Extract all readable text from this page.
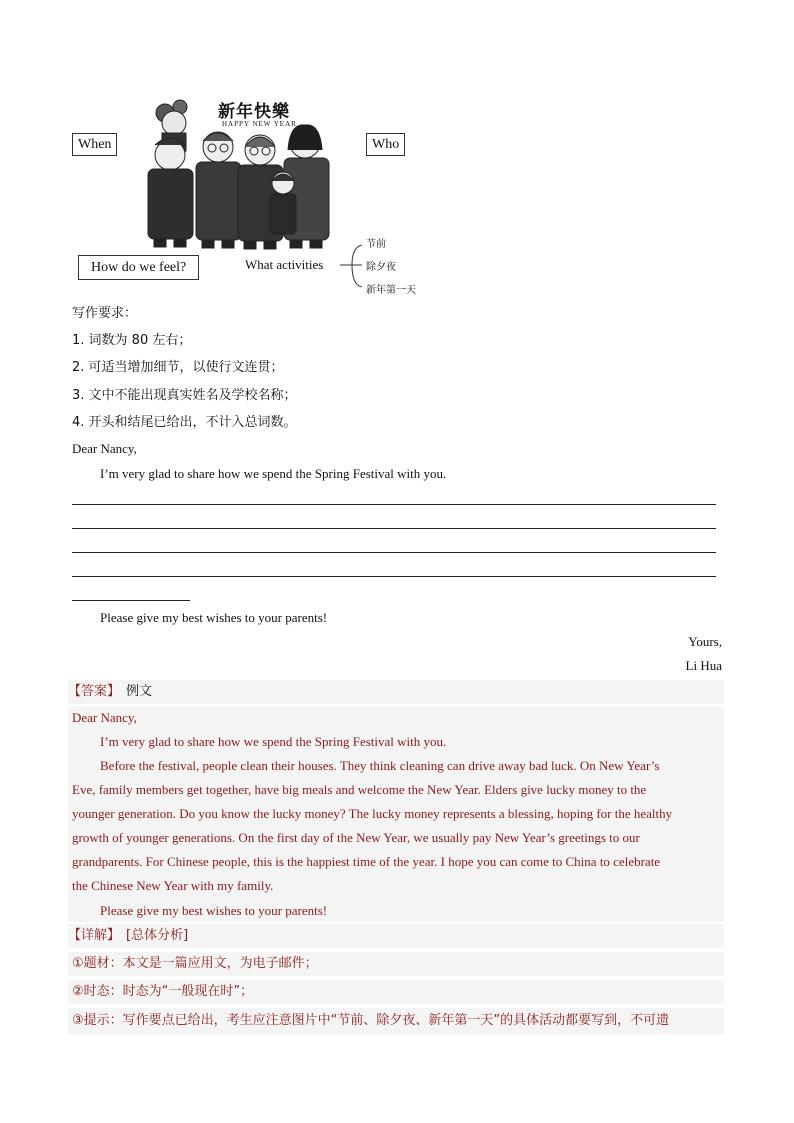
新年快樂
HAPPY NEW YEAR
When	Who
How do we feel?	What activities
节前
除夕夜
新年第一天
写作要求：
1. 词数为 80 左右；
2. 可适当增加细节，以使行文连贯；
3. 文中不能出现真实姓名及学校名称；
4. 开头和结尾已给出，不计入总词数。
Dear Nancy,
I’m very glad to share how we spend the Spring Festival with you.
Please give my best wishes to your parents!
Yours,
Li Hua
【答案】 例文
Dear Nancy,
I’m very glad to share how we spend the Spring Festival with you.
Before the festival, people clean their houses. They think cleaning can drive away bad luck. On New Year’s
Eve, family members get together, have big meals and welcome the New Year. Elders give lucky money to the
younger generation. Do you know the lucky money? The lucky money represents a blessing, hoping for the healthy
growth of younger generations. On the first day of the New Year, we usually pay New Year’s greetings to our
grandparents. For Chinese people, this is the happiest time of the year. I hope you can come to China to celebrate
the Chinese New Year with my family.
Please give my best wishes to your parents!
【详解】 [总体分析]
①题材：本文是一篇应用文，为电子邮件；
②时态：时态为“一般现在时”；
③提示：写作要点已给出，考生应注意图片中“节前、除夕夜、新年第一天”的具体活动都要写到，不可遗
